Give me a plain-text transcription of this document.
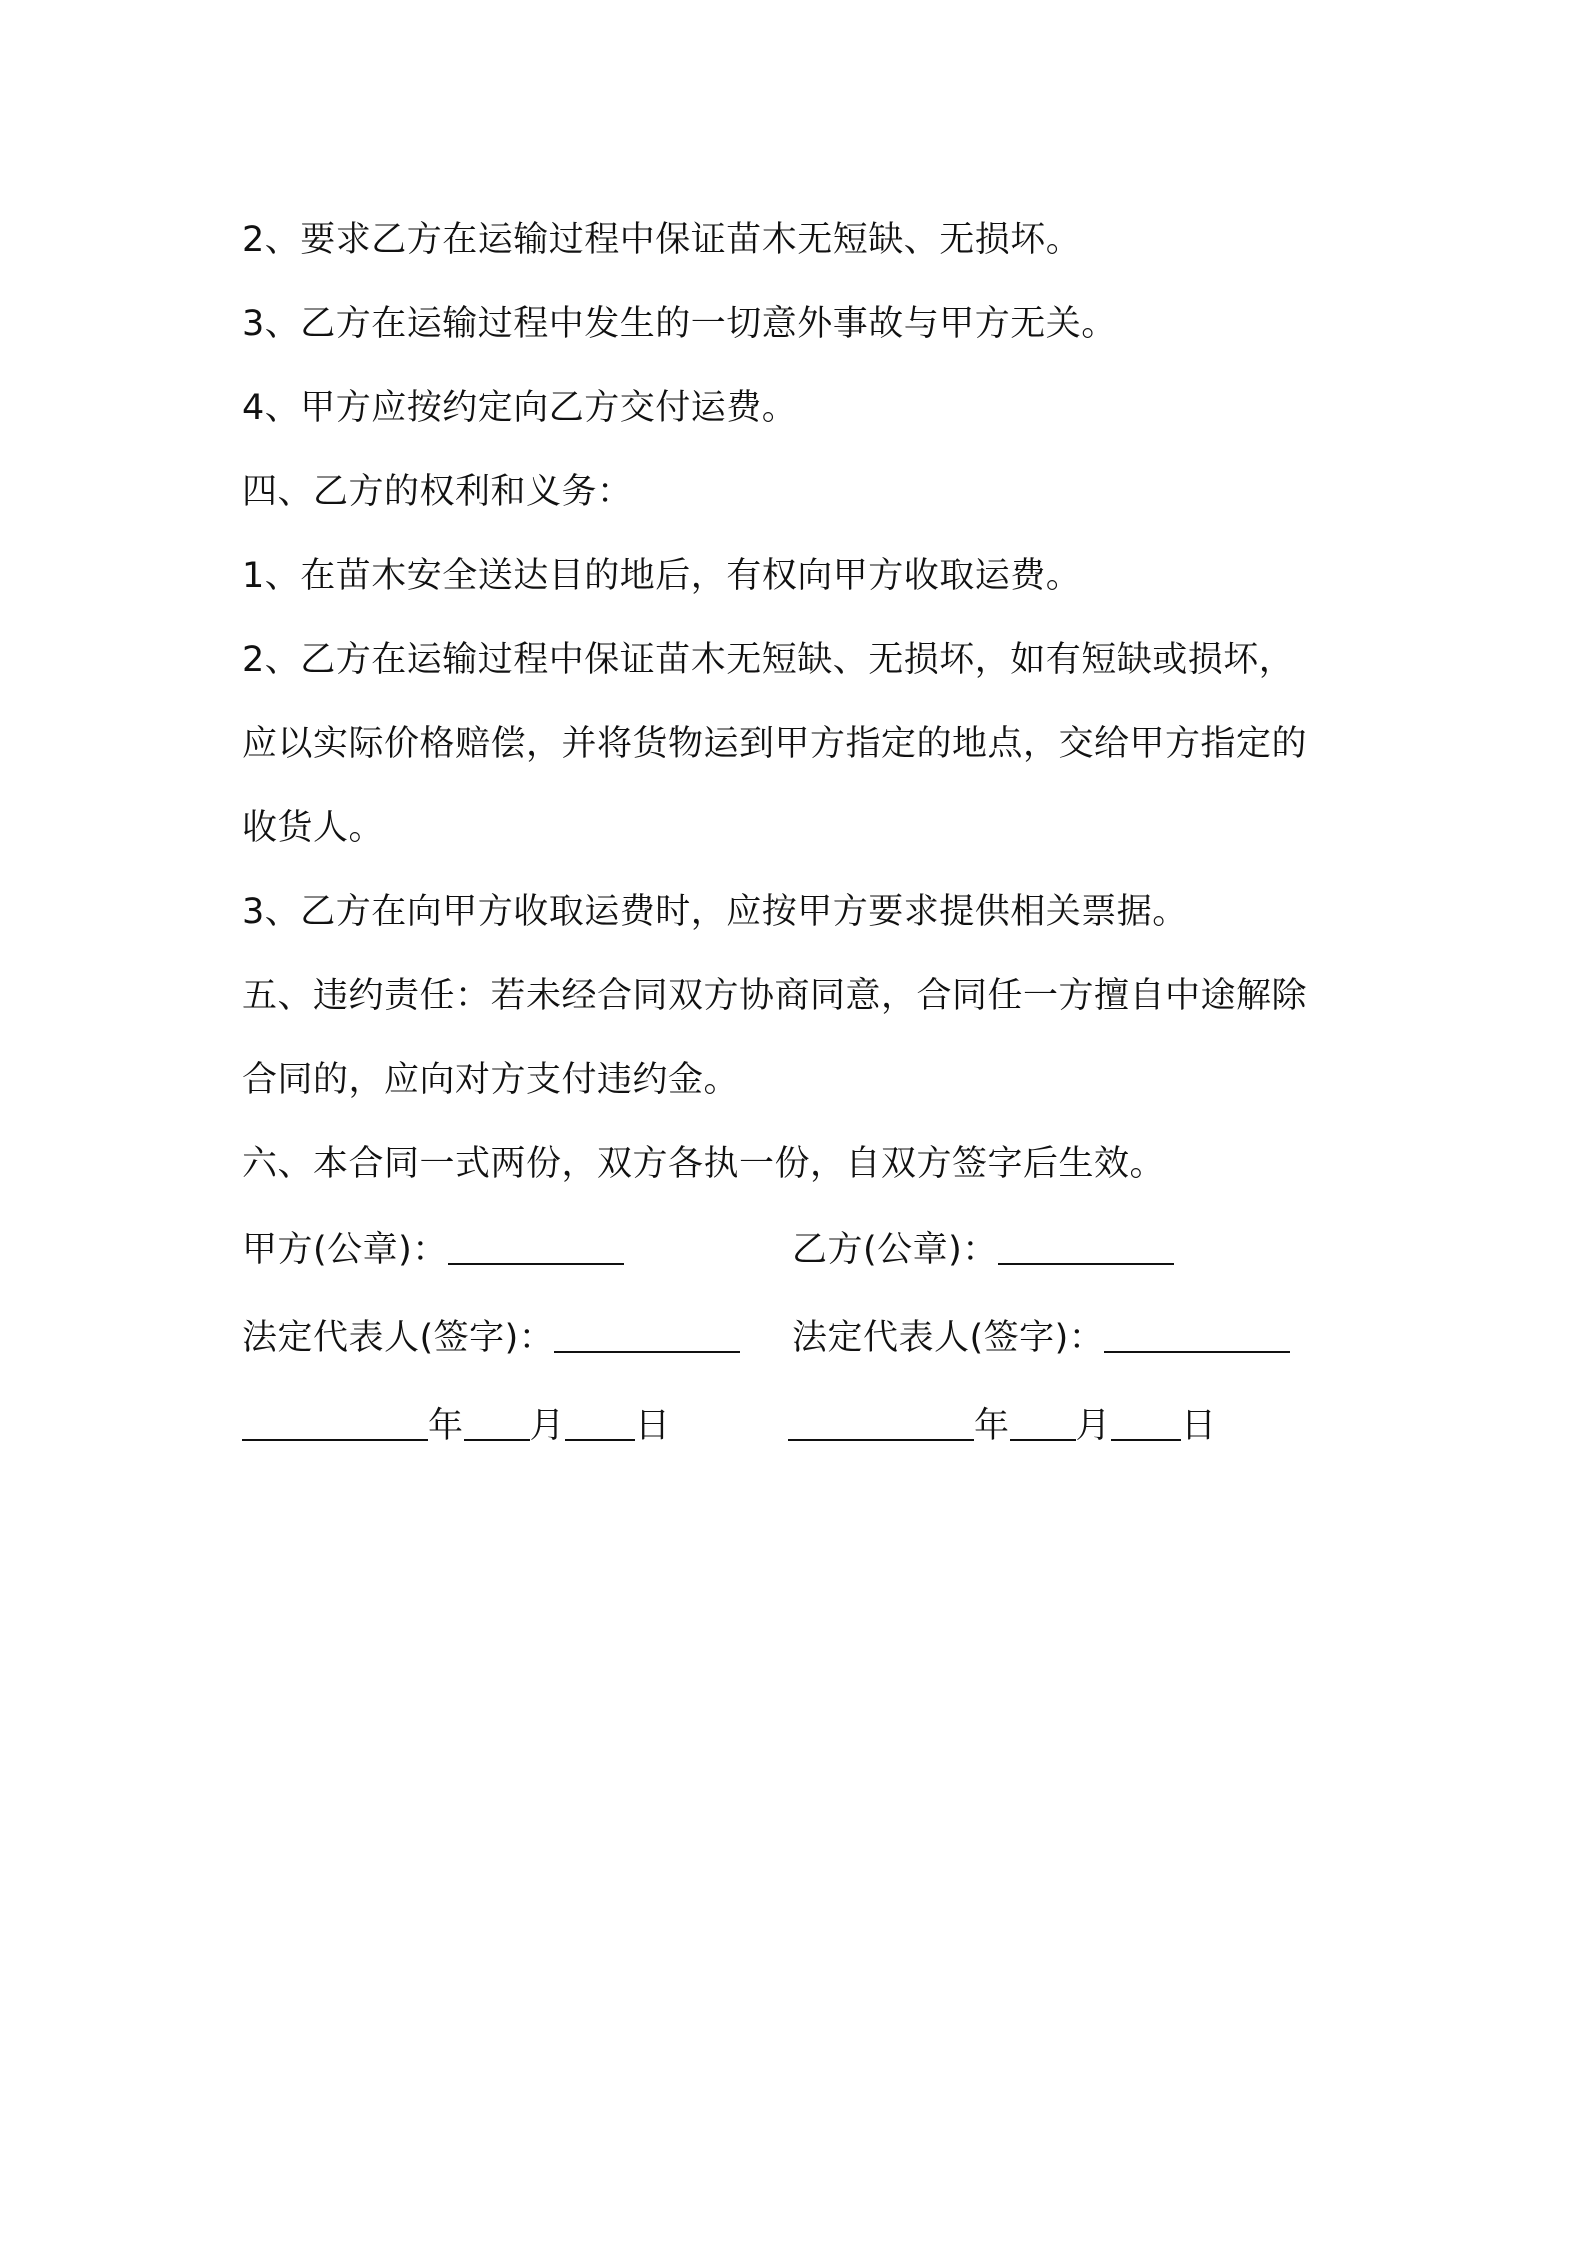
2、要求乙方在运输过程中保证苗木无短缺、无损坏。
3、乙方在运输过程中发生的一切意外事故与甲方无关。
4、甲方应按约定向乙方交付运费。
四、乙方的权利和义务：
1、在苗木安全送达目的地后，有权向甲方收取运费。
2、乙方在运输过程中保证苗木无短缺、无损坏，如有短缺或损坏，
应以实际价格赔偿，并将货物运到甲方指定的地点，交给甲方指定的
收货人。
3、乙方在向甲方收取运费时，应按甲方要求提供相关票据。
五、违约责任：若未经合同双方协商同意，合同任一方擅自中途解除
合同的，应向对方支付违约金。
六、本合同一式两份，双方各执一份，自双方签字后生效。
甲方(公章)：	乙方(公章)：
法定代表人(签字)：	法定代表人(签字)：
年 月 日	年 月 日
